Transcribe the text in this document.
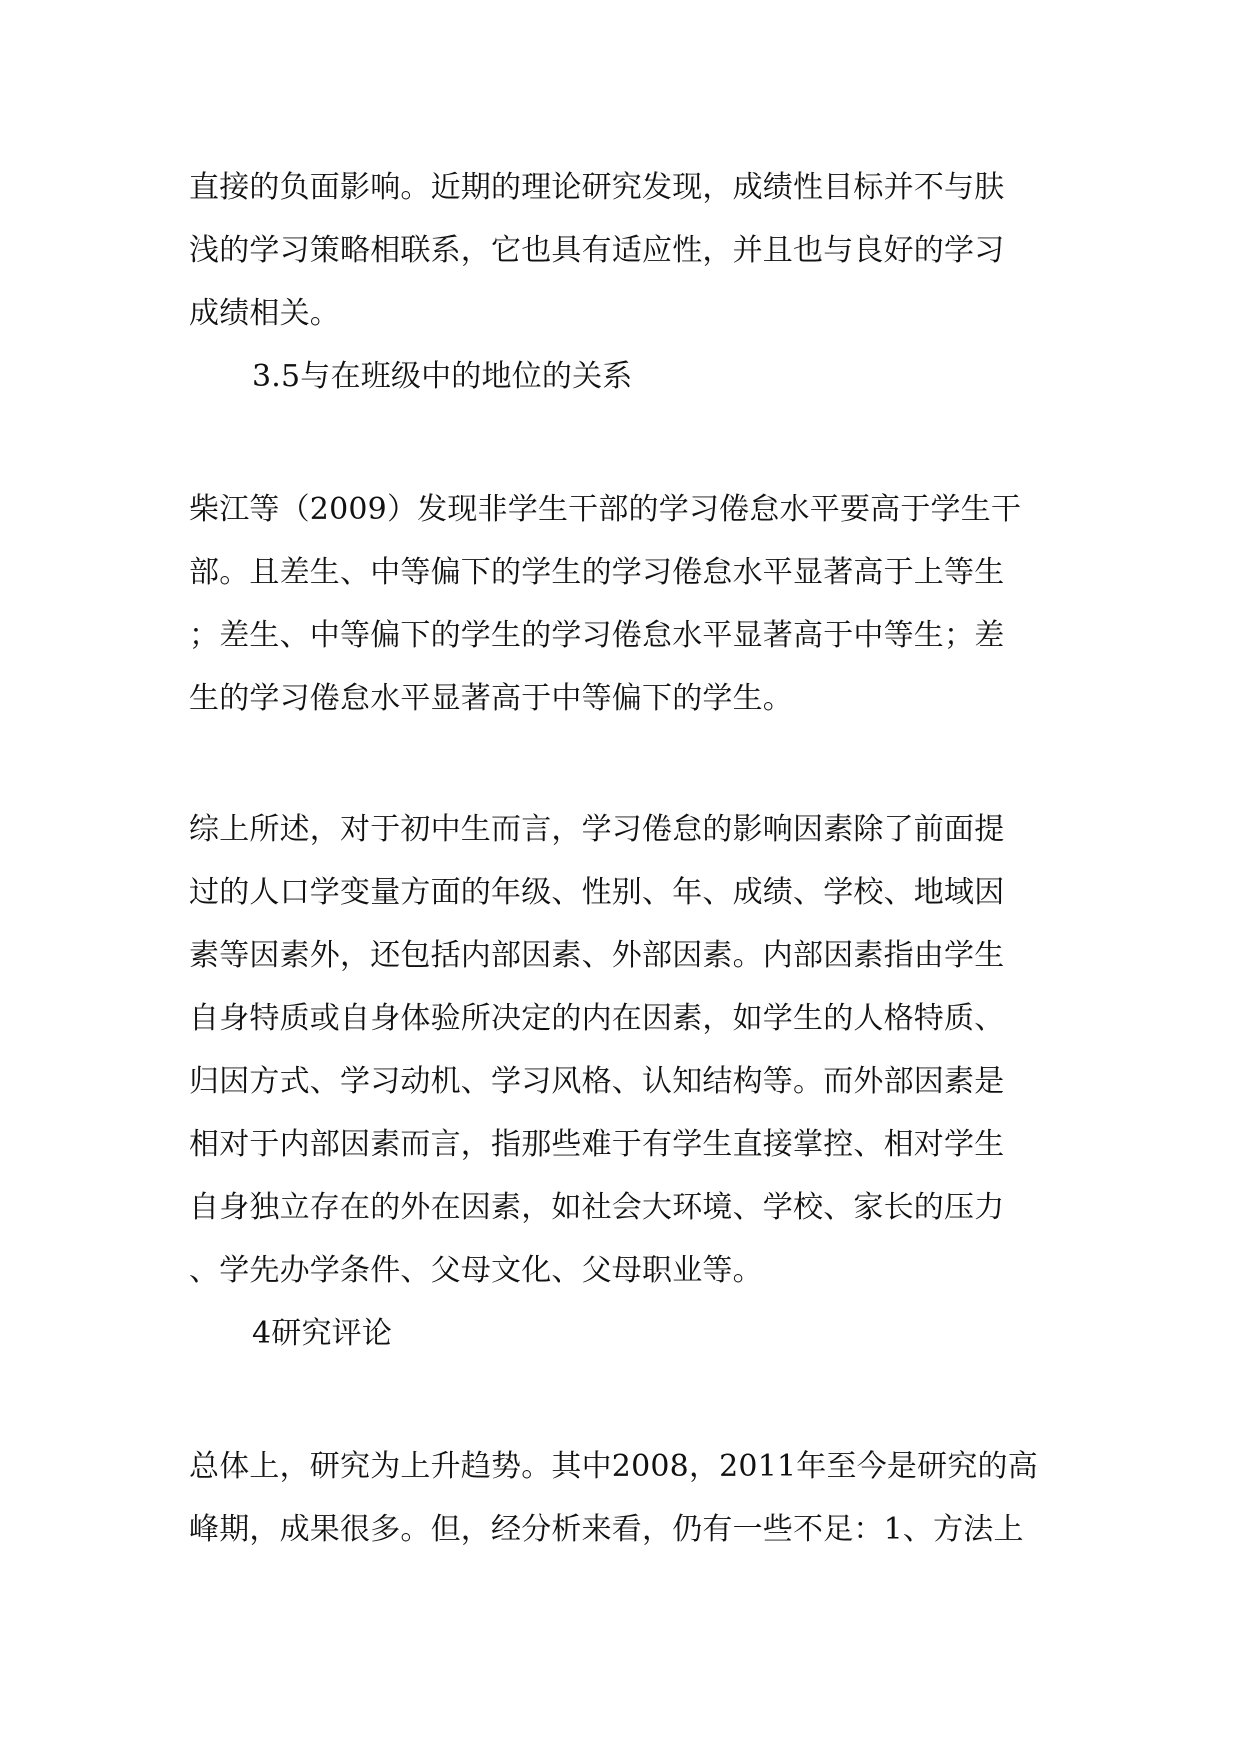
直接的负面影响。近期的理论研究发现，成绩性目标并不与肤
浅的学习策略相联系，它也具有适应性，并且也与良好的学习
成绩相关。
3.5与在班级中的地位的关系
柴江等（2009）发现非学生干部的学习倦怠水平要高于学生干
部。且差生、中等偏下的学生的学习倦怠水平显著高于上等生
；差生、中等偏下的学生的学习倦怠水平显著高于中等生；差
生的学习倦怠水平显著高于中等偏下的学生。
综上所述，对于初中生而言，学习倦怠的影响因素除了前面提
过的人口学变量方面的年级、性别、年、成绩、学校、地域因
素等因素外，还包括内部因素、外部因素。内部因素指由学生
自身特质或自身体验所决定的内在因素，如学生的人格特质、
归因方式、学习动机、学习风格、认知结构等。而外部因素是
相对于内部因素而言，指那些难于有学生直接掌控、相对学生
自身独立存在的外在因素，如社会大环境、学校、家长的压力
、学先办学条件、父母文化、父母职业等。
4研究评论
总体上，研究为上升趋势。其中2008，2011年至今是研究的高
峰期，成果很多。但，经分析来看，仍有一些不足：1、方法上
